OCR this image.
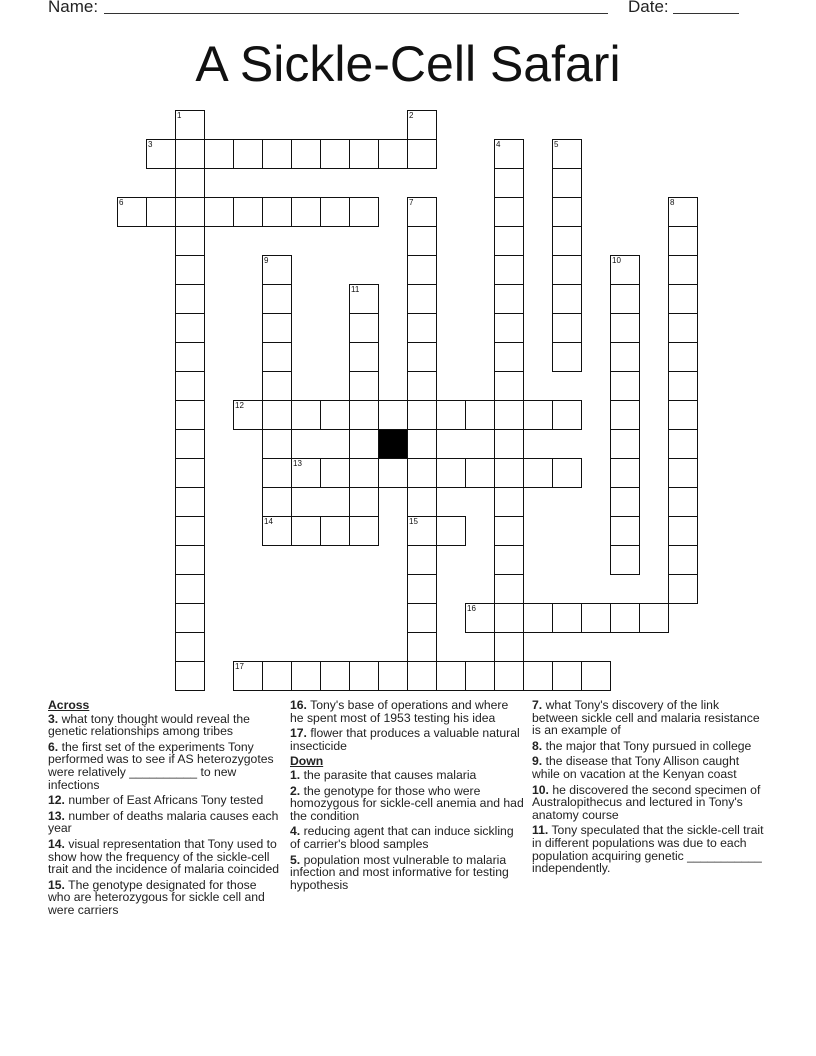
Name:	Date:
A Sickle-Cell Safari
1	2
3	4	5
6	7
15
8
9
14
10
11
12
13
16
17
Across
3. what tony thought would reveal the genetic relationships among tribes
6. the first set of the experiments Tony performed was to see if AS heterozygotes were relatively __________ to new infections
12. number of East Africans Tony tested
13. number of deaths malaria causes each year
14. visual representation that Tony used to show how the frequency of the sickle-cell trait and the incidence of malaria coincided
15. The genotype designated for those who are heterozygous for sickle cell and were carriers
16. Tony's base of operations and where he spent most of 1953 testing his idea
17. flower that produces a valuable natural insecticide
Down
1. the parasite that causes malaria
2. the genotype for those who were homozygous for sickle-cell anemia and had the condition
4. reducing agent that can induce sickling of carrier's blood samples
5. population most vulnerable to malaria infection and most informative for testing hypothesis
7. what Tony's discovery of the link between sickle cell and malaria resistance is an example of
8. the major that Tony pursued in college
9. the disease that Tony Allison caught while on vacation at the Kenyan coast
10. he discovered the second specimen of Australopithecus and lectured in Tony's anatomy course
11. Tony speculated that the sickle-cell trait in different populations was due to each population acquiring genetic ___________ independently.
